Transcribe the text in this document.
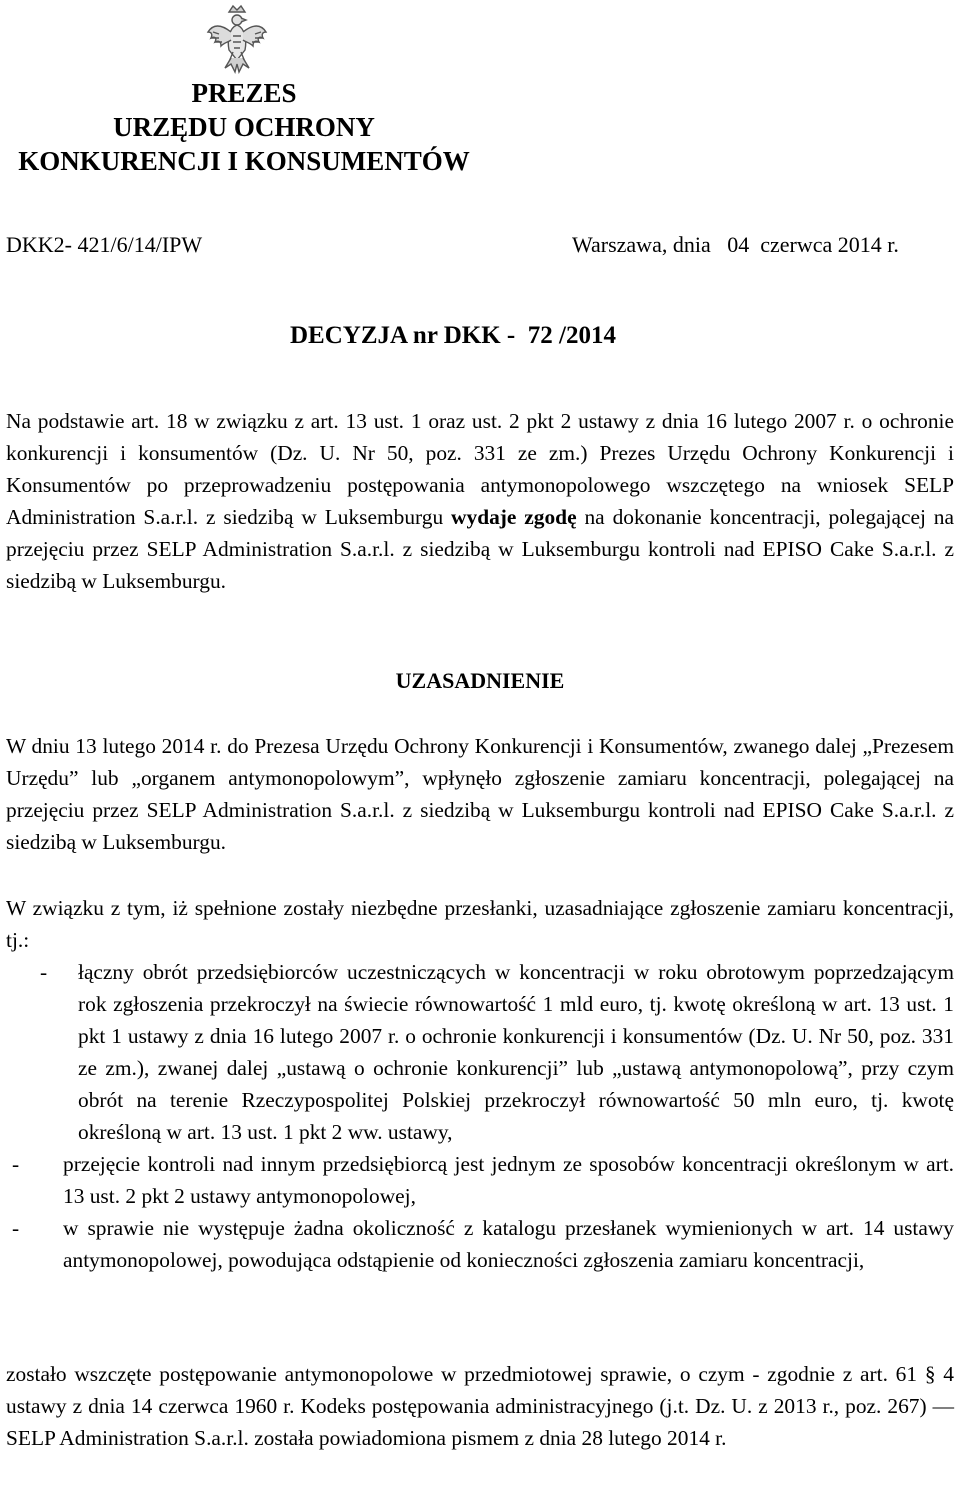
PREZES
URZĘDU OCHRONY
KONKURENCJI I KONSUMENTÓW
DKK2- 421/6/14/IPW	Warszawa, dnia   04  czerwca 2014 r.
DECYZJA nr DKK -  72 /2014

Na podstawie art. 18 w związku z art. 13 ust. 1 oraz ust. 2 pkt 2 ustawy z dnia 16 lutego 2007 r. o ochronie konkurencji i konsumentów (Dz. U. Nr 50, poz. 331 ze zm.) Prezes Urzędu Ochrony Konkurencji i Konsumentów po przeprowadzeniu postępowania antymonopolowego wszczętego na wniosek SELP Administration S.a.r.l. z siedzibą w Luksemburgu wydaje zgodę na dokonanie koncentracji, polegającej na przejęciu przez SELP Administration S.a.r.l. z siedzibą w Luksemburgu kontroli nad EPISO Cake S.a.r.l. z siedzibą w Luksemburgu.

UZASADNIENIE

W dniu 13 lutego 2014 r. do Prezesa Urzędu Ochrony Konkurencji i Konsumentów, zwanego dalej „Prezesem Urzędu” lub „organem antymonopolowym”, wpłynęło zgłoszenie zamiaru koncentracji, polegającej na przejęciu przez SELP Administration S.a.r.l. z siedzibą w Luksemburgu kontroli nad EPISO Cake S.a.r.l. z siedzibą w Luksemburgu.

W związku z tym, iż spełnione zostały niezbędne przesłanki, uzasadniające zgłoszenie zamiaru koncentracji, tj.:

- łączny obrót przedsiębiorców uczestniczących w koncentracji w roku obrotowym poprzedzającym rok zgłoszenia przekroczył na świecie równowartość 1 mld euro, tj. kwotę określoną w art. 13 ust. 1 pkt 1 ustawy z dnia 16 lutego 2007 r. o ochronie konkurencji i konsumentów (Dz. U. Nr 50, poz. 331 ze zm.), zwanej dalej „ustawą o ochronie konkurencji” lub „ustawą antymonopolową”, przy czym obrót na terenie Rzeczypospolitej Polskiej przekroczył równowartość 50 mln euro, tj. kwotę określoną w art. 13 ust. 1 pkt 2 ww. ustawy,
- przejęcie kontroli nad innym przedsiębiorcą jest jednym ze sposobów koncentracji określonym w art. 13 ust. 2 pkt 2 ustawy antymonopolowej,
- w sprawie nie występuje żadna okoliczność z katalogu przesłanek wymienionych w art. 14 ustawy antymonopolowej, powodująca odstąpienie od konieczności zgłoszenia zamiaru koncentracji,

zostało wszczęte postępowanie antymonopolowe w przedmiotowej sprawie, o czym - zgodnie z art. 61 § 4 ustawy z dnia 14 czerwca 1960 r. Kodeks postępowania administracyjnego (j.t. Dz. U. z 2013 r., poz. 267) — SELP Administration S.a.r.l. została powiadomiona pismem z dnia 28 lutego 2014 r.
